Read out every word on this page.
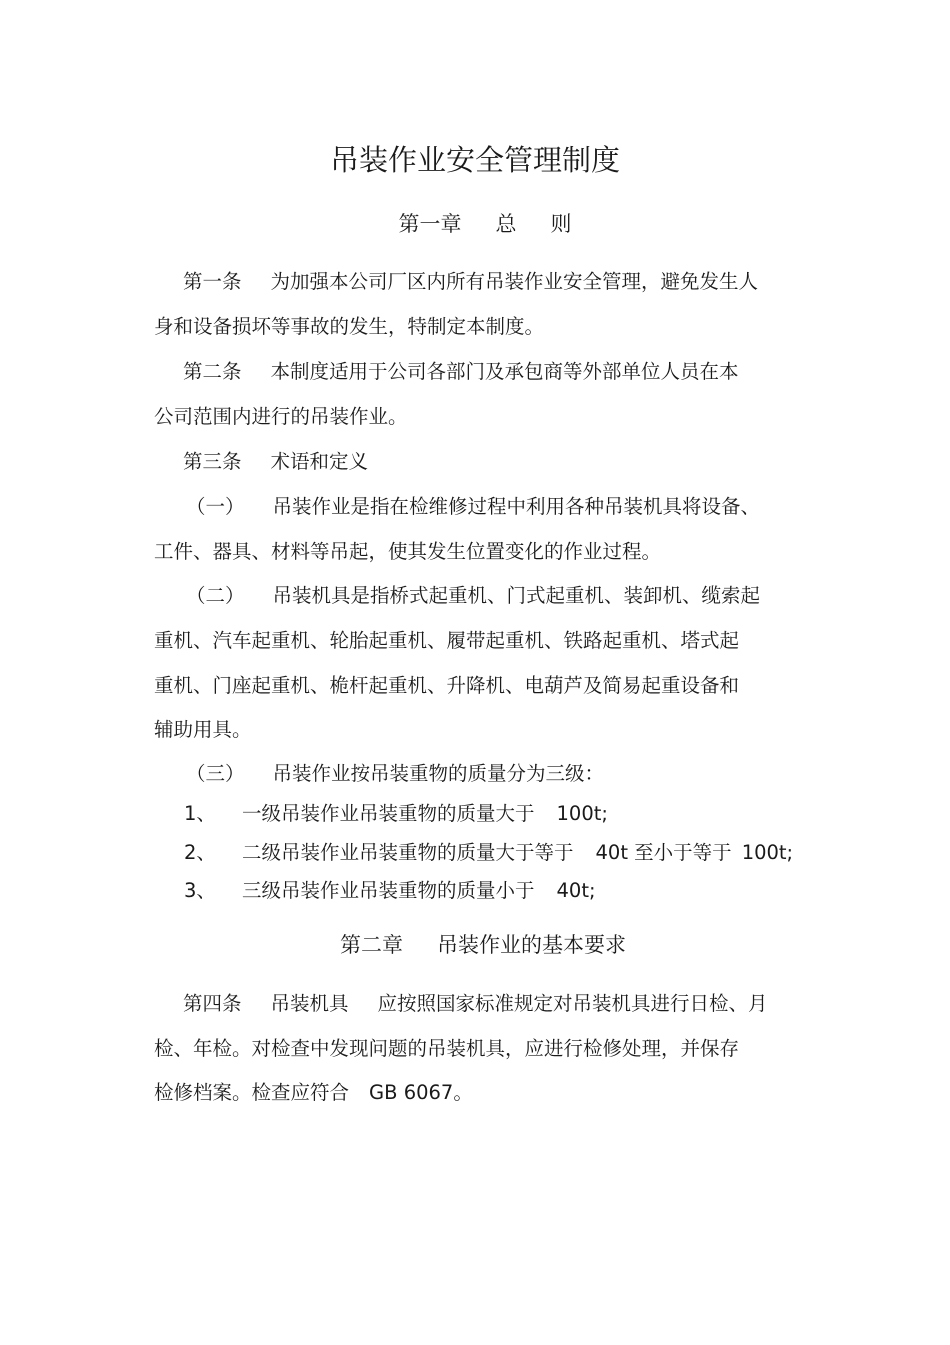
吊装作业安全管理制度
第一章 总 则
第一条 为加强本公司厂区内所有吊装作业安全管理，避免发生人
身和设备损坏等事故的发生，特制定本制度。
第二条 本制度适用于公司各部门及承包商等外部单位人员在本
公司范围内进行的吊装作业。
第三条 术语和定义
（一） 吊装作业是指在检维修过程中利用各种吊装机具将设备、
工件、器具、材料等吊起，使其发生位置变化的作业过程。
（二） 吊装机具是指桥式起重机、门式起重机、装卸机、缆索起
重机、汽车起重机、轮胎起重机、履带起重机、铁路起重机、塔式起
重机、门座起重机、桅杆起重机、升降机、电葫芦及简易起重设备和
辅助用具。
（三） 吊装作业按吊装重物的质量分为三级：
1、 一级吊装作业吊装重物的质量大于 100t;
2、 二级吊装作业吊装重物的质量大于等于 40t 至小于等于 100t;
3、 三级吊装作业吊装重物的质量小于 40t;
第二章 吊装作业的基本要求
第四条 吊装机具 应按照国家标准规定对吊装机具进行日检、月
检、年检。对检查中发现问题的吊装机具，应进行检修处理，并保存
检修档案。检查应符合 GB 6067。
